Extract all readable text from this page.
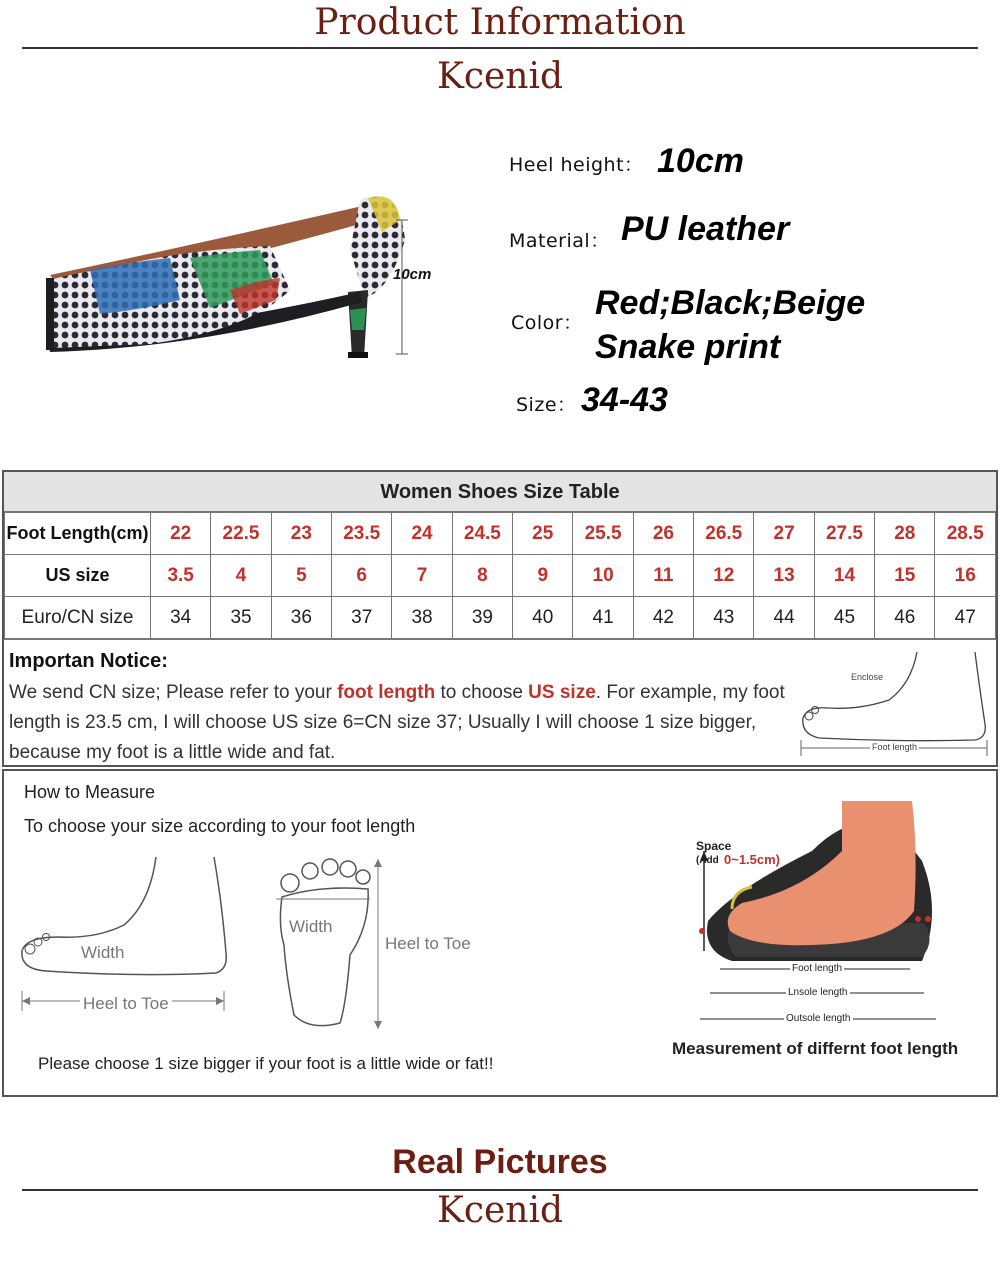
Product Information
Kcenid
10cm
Heel height： 10cm
Material： PU leather
Color：
Red;Black;Beige
Snake print
Size： 34-43
Women Shoes Size Table
Foot Length(cm)	22	22.5	23	23.5	24	24.5	25	25.5	26	26.5	27	27.5	28	28.5
US size	3.5	4	5	6	7	8	9	10	11	12	13	14	15	16
Euro/CN size	34	35	36	37	38	39	40	41	42	43	44	45	46	47
Importan Notice:
We send CN size; Please refer to your foot length to choose US size. For example, my foot length is 23.5 cm, I will choose US size 6=CN size 37; Usually I will choose 1 size bigger, because my foot is a little wide and fat.
Enclose
Foot length
How to Measure
To choose your size according to your foot length
Width
Heel to Toe
Width
Heel to Toe
Please choose 1 size bigger if your foot is a little wide or fat!!
Space
(Add 0~1.5cm)
Foot length
Lnsole length
Outsole length
Measurement of differnt foot length
Real Pictures
Kcenid
